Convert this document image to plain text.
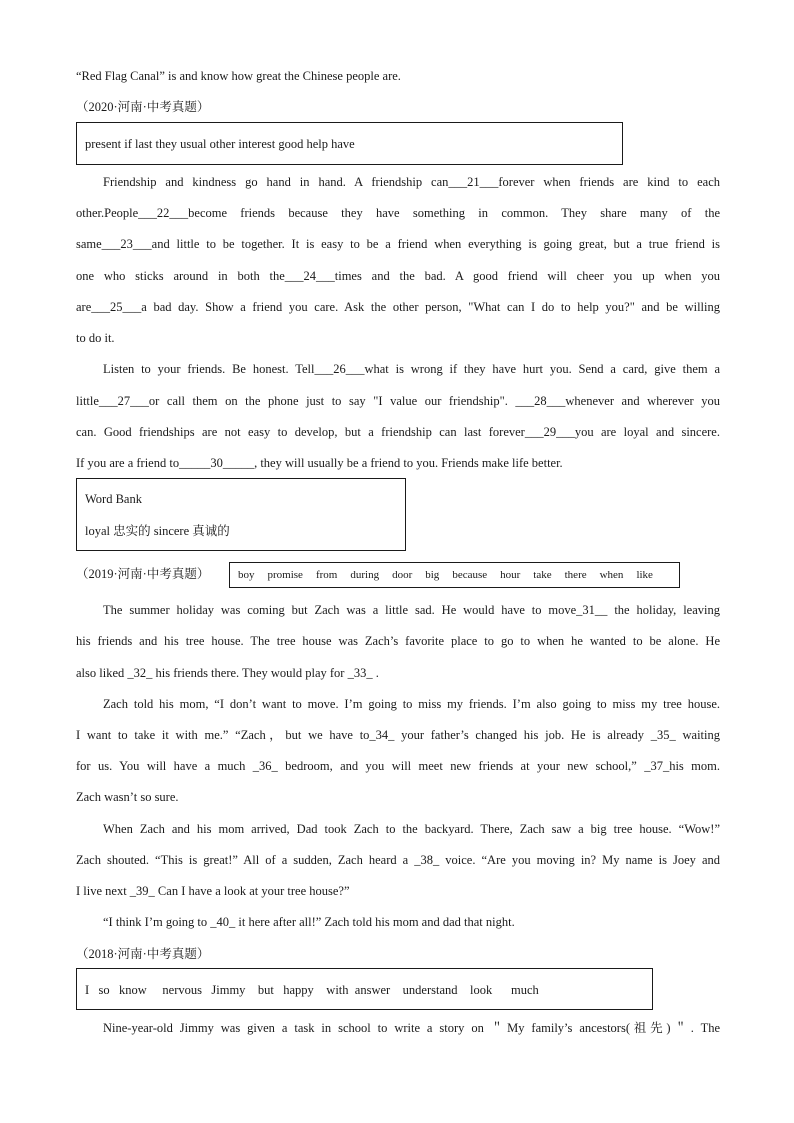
“Red Flag Canal” is and know how great the Chinese people are.
（2020·河南·中考真题）
present if last they usual other interest good help have
Friendship and kindness go hand in hand. A friendship can___21___forever when friends are kind to each
other.People___22___become friends because they have something in common. They share many of the
same___23___and little to be together. It is easy to be a friend when everything is going great, but a true friend is
one who sticks around in both the___24___times and the bad. A good friend will cheer you up when you
are___25___a bad day. Show a friend you care. Ask the other person, "What can I do to help you?" and be willing
to do it.
Listen to your friends. Be honest. Tell___26___what is wrong if they have hurt you. Send a card, give them a
little___27___or call them on the phone just to say "I value our friendship". ___28___whenever and wherever you
can. Good friendships are not easy to develop, but a friendship can last forever___29___you are loyal and sincere.
If you are a friend to_____30_____, they will usually be a friend to you. Friends make life better.
Word Bank
loyal 忠实的 sincere 真诚的
（2019·河南·中考真题）	boy promise from during door big because hour take there when like
The summer holiday was coming but Zach was a little sad. He would have to move_31__ the holiday, leaving
his friends and his tree house. The tree house was Zach’s favorite place to go to when he wanted to be alone. He
also liked _32_ his friends there. They would play for _33_ .
Zach told his mom, “I don’t want to move. I’m going to miss my friends. I’m also going to miss my tree house.
I want to take it with me.” “Zach，but we have to_34_ your father’s changed his job. He is already _35_ waiting
for us. You will have a much _36_ bedroom, and you will meet new friends at your new school,” _37_his mom.
Zach wasn’t so sure.
When Zach and his mom arrived, Dad took Zach to the backyard. There, Zach saw a big tree house. “Wow!”
Zach shouted. “This is great!” All of a sudden, Zach heard a _38_ voice. “Are you moving in? My name is Joey and
I live next _39_ Can I have a look at your tree house?”
“I think I’m going to _40_ it here after all!” Zach told his mom and dad that night.
（2018·河南·中考真题）
I   so   know     nervous   Jimmy    but   happy    with  answer    understand    look      much
Nine-year-old Jimmy was given a task in school to write a story on ＂My family’s ancestors(祖先)＂. The
